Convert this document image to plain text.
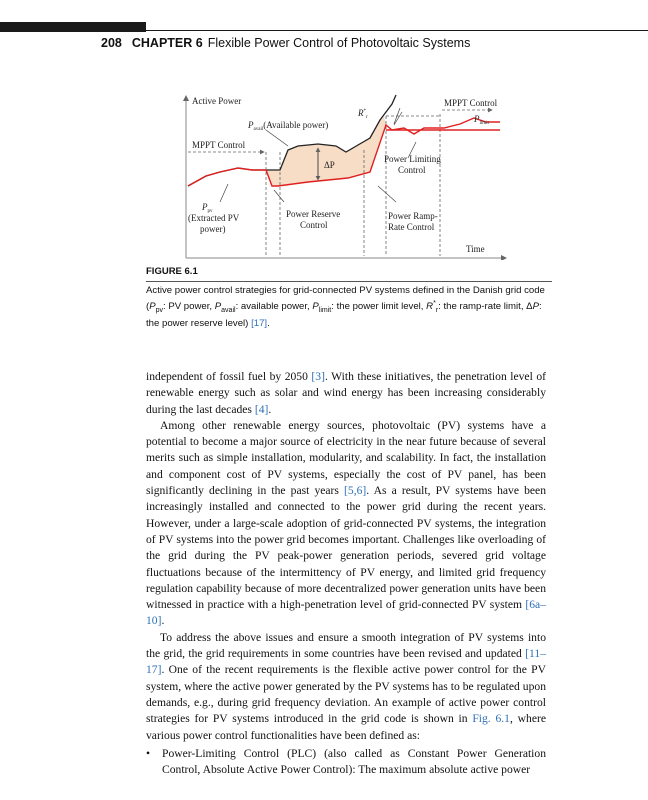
208 CHAPTER 6 Flexible Power Control of Photovoltaic Systems
Active Power
Time
$P_{avail}(Available$ power)
MPPT Control
MPPT Control
$R^*_r$	$P_{limit}$
ΔP
$P_{pv}$
(Extracted PV
power)
Power Reserve
Control
Power Limiting
Control
Power Ramp-
Rate Control
FIGURE 6.1
Active power control strategies for grid-connected PV systems defined in the Danish grid code ($P_{pv}$: PV power, $P_{avail}$: available power, $P_{limit}$: the power limit level, $R^*_r$: the ramp-rate limit, ΔP: the power reserve level) [17].

independent of fossil fuel by 2050 [3]. With these initiatives, the penetration level of renewable energy such as solar and wind energy has been increasing considerably during the last decades [4].

Among other renewable energy sources, photovoltaic (PV) systems have a potential to become a major source of electricity in the near future because of several merits such as simple installation, modularity, and scalability. In fact, the installation and component cost of PV systems, especially the cost of PV panel, has been significantly declining in the past years [5,6]. As a result, PV systems have been increasingly installed and connected to the power grid during the recent years. However, under a large-scale adoption of grid-connected PV systems, the integration of PV systems into the power grid becomes important. Challenges like overloading of the grid during the PV peak-power generation periods, severed grid voltage fluctuations because of the intermittency of PV energy, and limited grid frequency regulation capability because of more decentralized power generation units have been witnessed in practice with a high-penetration level of grid-connected PV system [6a–10].

To address the above issues and ensure a smooth integration of PV systems into the grid, the grid requirements in some countries have been revised and updated [11–17]. One of the recent requirements is the flexible active power control for the PV system, where the active power generated by the PV systems has to be regulated upon demands, e.g., during grid frequency deviation. An example of active power control strategies for PV systems introduced in the grid code is shown in Fig. 6.1, where various power control functionalities have been defined as:

•	Power-Limiting Control (PLC) (also called as Constant Power Generation Control, Absolute Active Power Control): The maximum absolute active power
